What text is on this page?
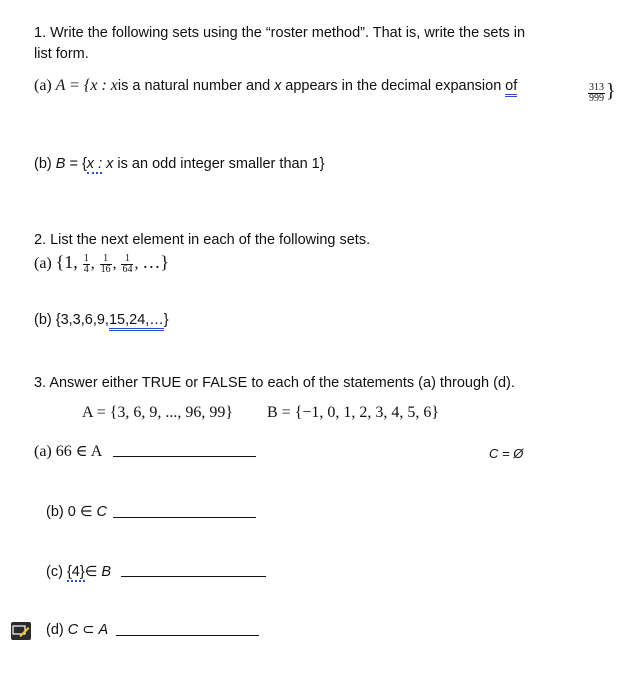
1. Write the following sets using the “roster method”. That is, write the sets in
list form.
(a) A = {x : xis a natural number and x appears in the decimal expansion of	$\frac{313}{999}$ }
(b) B = {x : x is an odd integer smaller than 1}
2. List the next element in each of the following sets.
(a) {1, $\frac{1}{4}$ , $\frac{1}{16}$ , $\frac{1}{64}$ , …}
(b) {3,3,6,9,15,24,…}
3. Answer either TRUE or FALSE to each of the statements (a) through (d).
A = {3, 6, 9, ..., 96, 99} B = {−1, 0, 1, 2, 3, 4, 5, 6}
(a) 66 ∈ A	C = Ø
(b) 0 ∈ C
(c) {4}∈ B
(d) C ⊂ A
